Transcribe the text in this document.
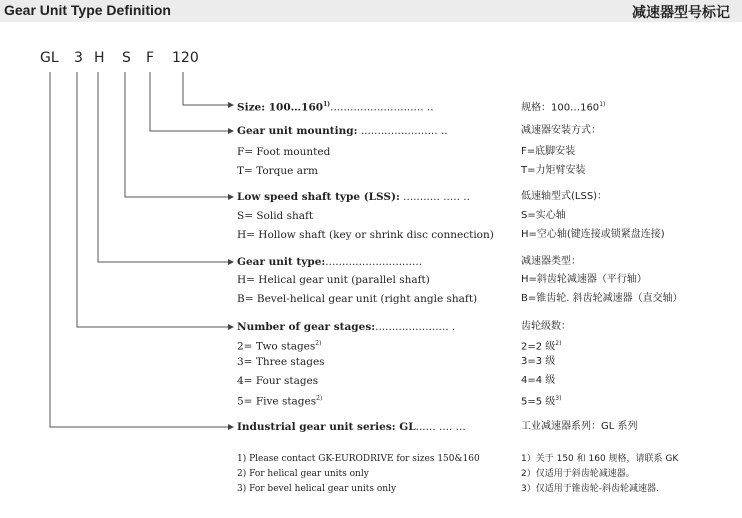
Gear Unit Type Definition	减速器型号标记
GL 3 H S F 120
Size: 100…160$^{1)}$............................ ..	规格：100…160$^{1)}$
Gear unit mounting: ....................... ..	减速器安装方式：
F= Foot mounted	F=底脚安装
T= Torque arm	T=力矩臂安装
Low speed shaft type (LSS): ........... ..... ..	低速轴型式(LSS)：
S= Solid shaft	S=实心轴
H= Hollow shaft (key or shrink disc connection)	H=空心轴(键连接或锁紧盘连接)
Gear unit type:.............................	减速器类型：
H= Helical gear unit (parallel shaft)	H=斜齿轮减速器（平行轴）
B= Bevel-helical gear unit (right angle shaft)	B=锥齿轮. 斜齿轮减速器（直交轴）
Number of gear stages:...................... .	齿轮级数：
2= Two stages$^{2)}$	2=2 级$^{2)}$
3= Three stages	3=3 级
4= Four stages	4=4 级
5= Five stages$^{2)}$	5=5 级$^{3)}$
Industrial gear unit series: GL...... .... ...	工业减速器系列：GL 系列
1) Please contact GK-EURODRIVE for sizes 150&160	1）关于 150 和 160 规格，请联系 GK
2) For helical gear units only	2）仅适用于斜齿轮减速器。
3) For bevel helical gear units only	3）仅适用于锥齿轮-斜齿轮减速器.
